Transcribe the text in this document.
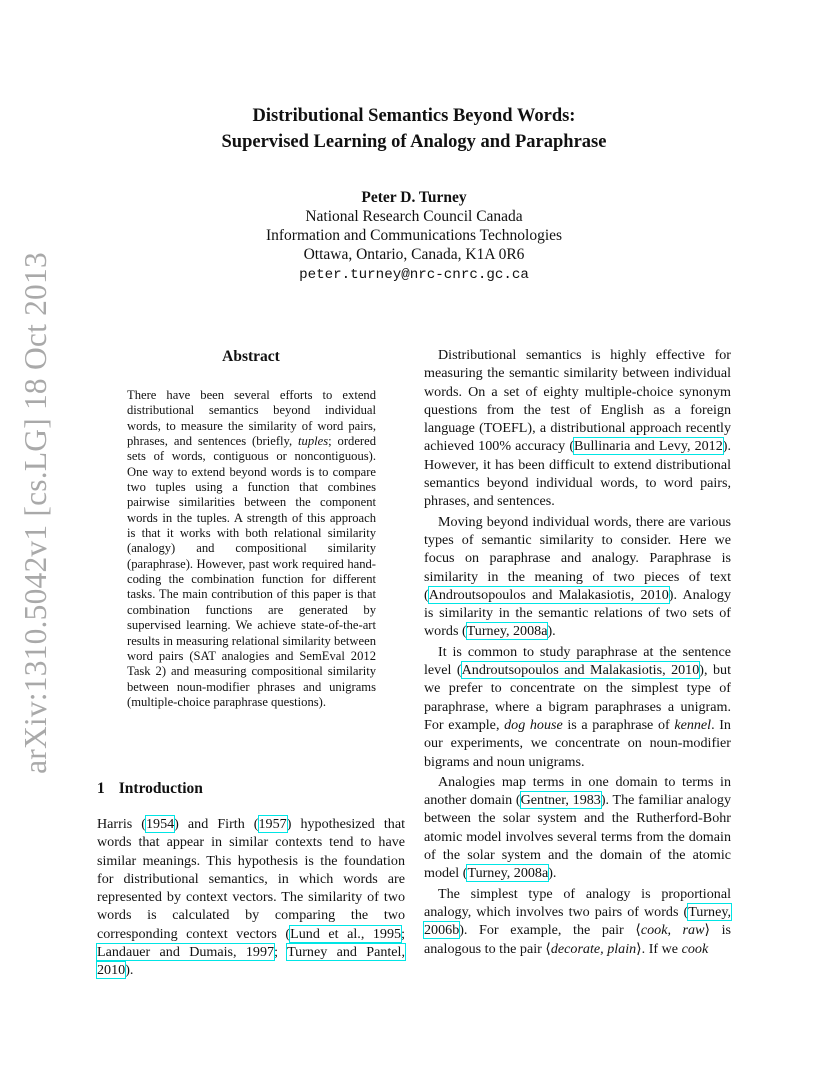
arXiv:1310.5042v1 [cs.LG] 18 Oct 2013
Distributional Semantics Beyond Words:
Supervised Learning of Analogy and Paraphrase
Peter D. Turney
National Research Council Canada
Information and Communications Technologies
Ottawa, Ontario, Canada, K1A 0R6
peter.turney@nrc-cnrc.gc.ca
Abstract
There have been several efforts to extend distributional semantics beyond individual words, to measure the similarity of word pairs, phrases, and sentences (briefly, tuples; ordered sets of words, contiguous or noncontiguous). One way to extend beyond words is to compare two tuples using a function that combines pairwise similarities between the component words in the tuples. A strength of this approach is that it works with both relational similarity (analogy) and compositional similarity (paraphrase). However, past work required hand-coding the combination function for different tasks. The main contribution of this paper is that combination functions are generated by supervised learning. We achieve state-of-the-art results in measuring relational similarity between word pairs (SAT analogies and SemEval 2012 Task 2) and measuring compositional similarity between noun-modifier phrases and unigrams (multiple-choice paraphrase questions).
1 Introduction
Harris (1954) and Firth (1957) hypothesized that words that appear in similar contexts tend to have similar meanings. This hypothesis is the foundation for distributional semantics, in which words are represented by context vectors. The similarity of two words is calculated by comparing the two corresponding context vectors (Lund et al., 1995; Landauer and Dumais, 1997; Turney and Pantel, 2010).

Distributional semantics is highly effective for measuring the semantic similarity between individual words. On a set of eighty multiple-choice synonym questions from the test of English as a foreign language (TOEFL), a distributional approach recently achieved 100% accuracy (Bullinaria and Levy, 2012). However, it has been difficult to extend distributional semantics beyond individual words, to word pairs, phrases, and sentences.

Moving beyond individual words, there are various types of semantic similarity to consider. Here we focus on paraphrase and analogy. Paraphrase is similarity in the meaning of two pieces of text (Androutsopoulos and Malakasiotis, 2010). Analogy is similarity in the semantic relations of two sets of words (Turney, 2008a).

It is common to study paraphrase at the sentence level (Androutsopoulos and Malakasiotis, 2010), but we prefer to concentrate on the simplest type of paraphrase, where a bigram paraphrases a unigram. For example, dog house is a paraphrase of kennel. In our experiments, we concentrate on noun-modifier bigrams and noun unigrams.

Analogies map terms in one domain to terms in another domain (Gentner, 1983). The familiar analogy between the solar system and the Rutherford-Bohr atomic model involves several terms from the domain of the solar system and the domain of the atomic model (Turney, 2008a).

The simplest type of analogy is proportional analogy, which involves two pairs of words (Turney, 2006b). For example, the pair ⟨cook, raw⟩ is analogous to the pair ⟨decorate, plain⟩. If we cook
